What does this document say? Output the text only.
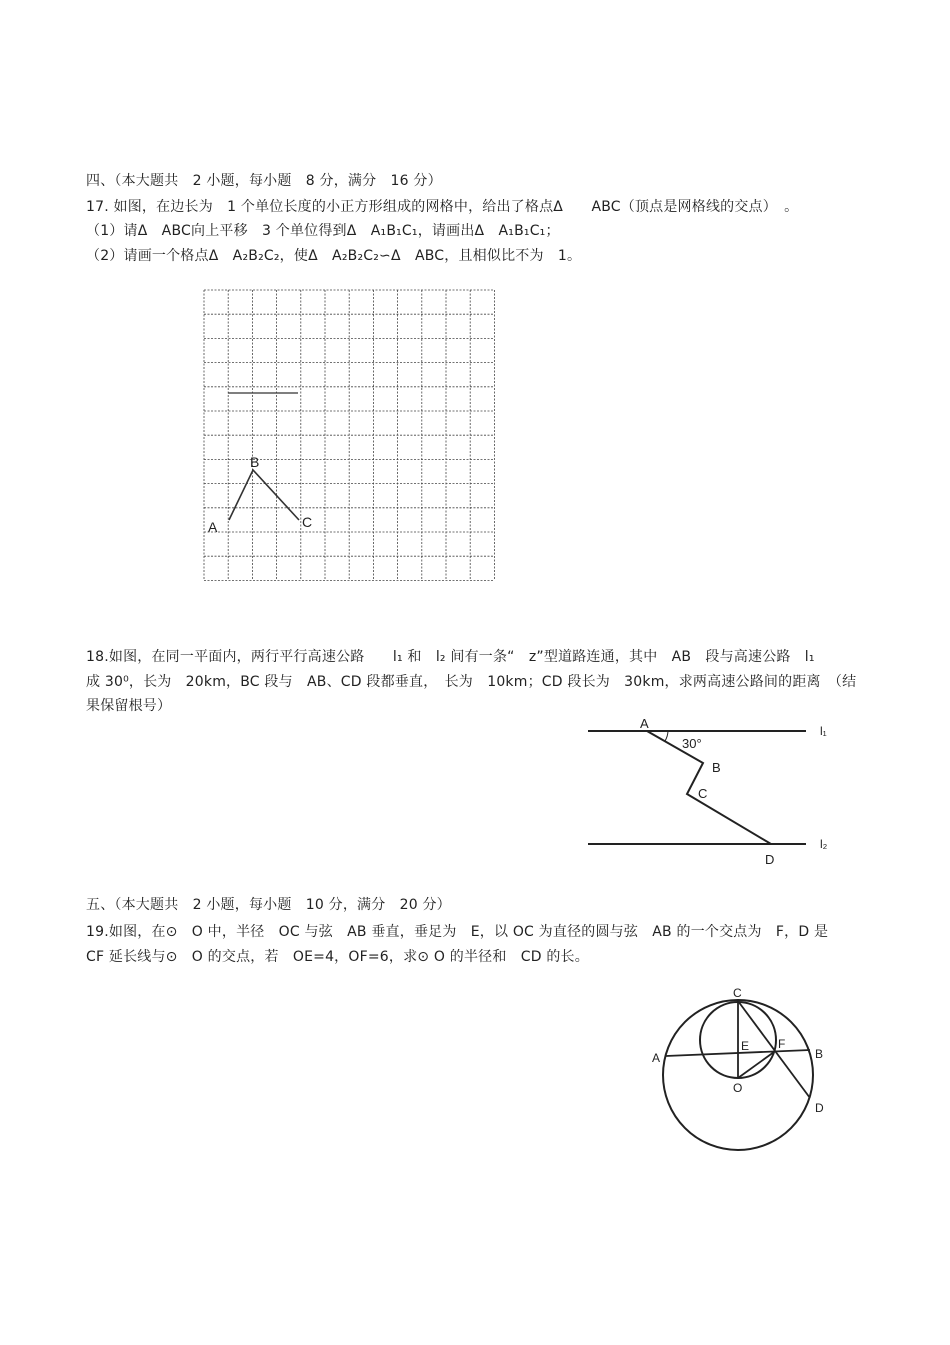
四、（本大题共　2 小题，每小题　8 分，满分　16 分）
17. 如图，在边长为　1 个单位长度的小正方形组成的网格中，给出了格点Δ　　ABC（顶点是网格线的交点）　。
（1）请Δ　ABC向上平移　3 个单位得到Δ　A₁B₁C₁，请画出Δ　A₁B₁C₁；
（2）请画一个格点Δ　A₂B₂C₂，使Δ　A₂B₂C₂∽Δ　ABC，且相似比不为　1。
A
B
C
18.如图，在同一平面内，两行平行高速公路　　l₁ 和　l₂ 间有一条“　z”型道路连通，其中　AB　段与高速公路　l₁
成 30⁰，长为　20km，BC 段与　AB、CD 段都垂直，　长为　10km；CD 段长为　30km，求两高速公路间的距离　（结
果保留根号）
A
30°
B
C
D
l₁
l₂
五、（本大题共　2 小题，每小题　10 分，满分　20 分）
19.如图，在⊙　O 中，半径　OC 与弦　AB 垂直，垂足为　E，以 OC 为直径的圆与弦　AB 的一个交点为　F，D 是
CF 延长线与⊙　O 的交点，若　OE=4，OF=6，求⊙ O 的半径和　CD 的长。
C
A
E F
B
O
D
